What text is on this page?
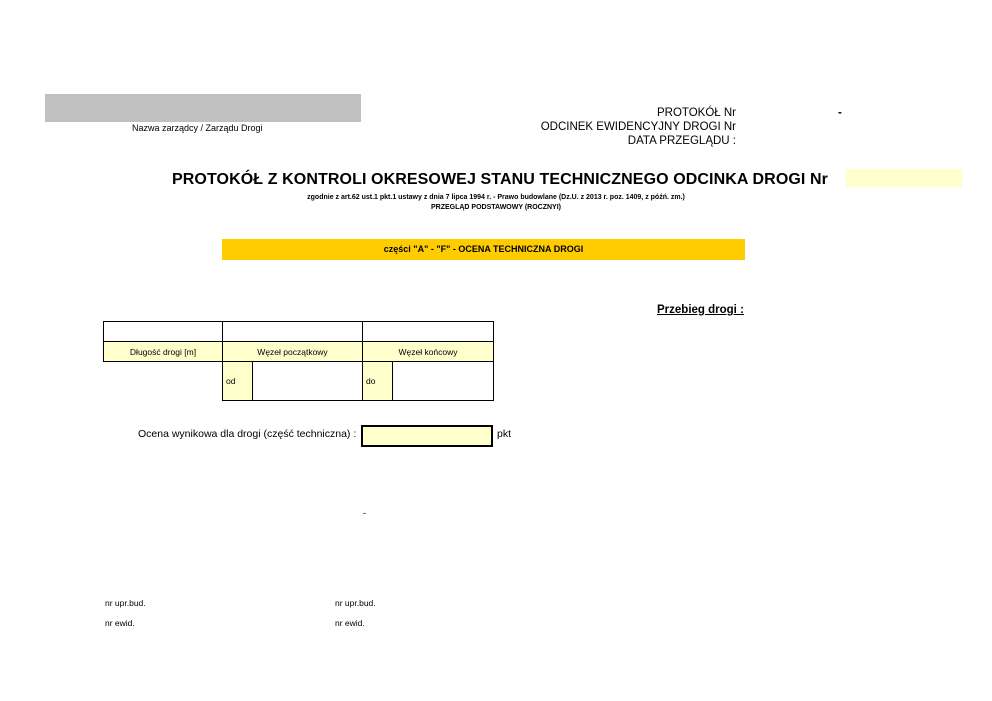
Nazwa zarządcy / Zarządu Drogi
PROTOKÓŁ Nr	-
ODCINEK EWIDENCYJNY DROGI Nr
DATA PRZEGLĄDU :
PROTOKÓŁ Z KONTROLI OKRESOWEJ STANU TECHNICZNEGO ODCINKA DROGI Nr
zgodnie z art.62 ust.1 pkt.1 ustawy z dnia 7 lipca 1994 r. - Prawo budowlane (Dz.U. z 2013 r. poz. 1409, z późń. zm.)
PRZEGLĄD PODSTAWOWY (ROCZNYI)
części "A" - "F" - OCENA TECHNICZNA DROGI
Przebieg drogi :

Długość drogi [m]	Węzeł początkowy		Węzeł końcowy	
	od		do	
Ocena wynikowa dla drogi (część techniczna) :	pkt
-
nr upr.bud.
nr ewid.
nr upr.bud.
nr ewid.
